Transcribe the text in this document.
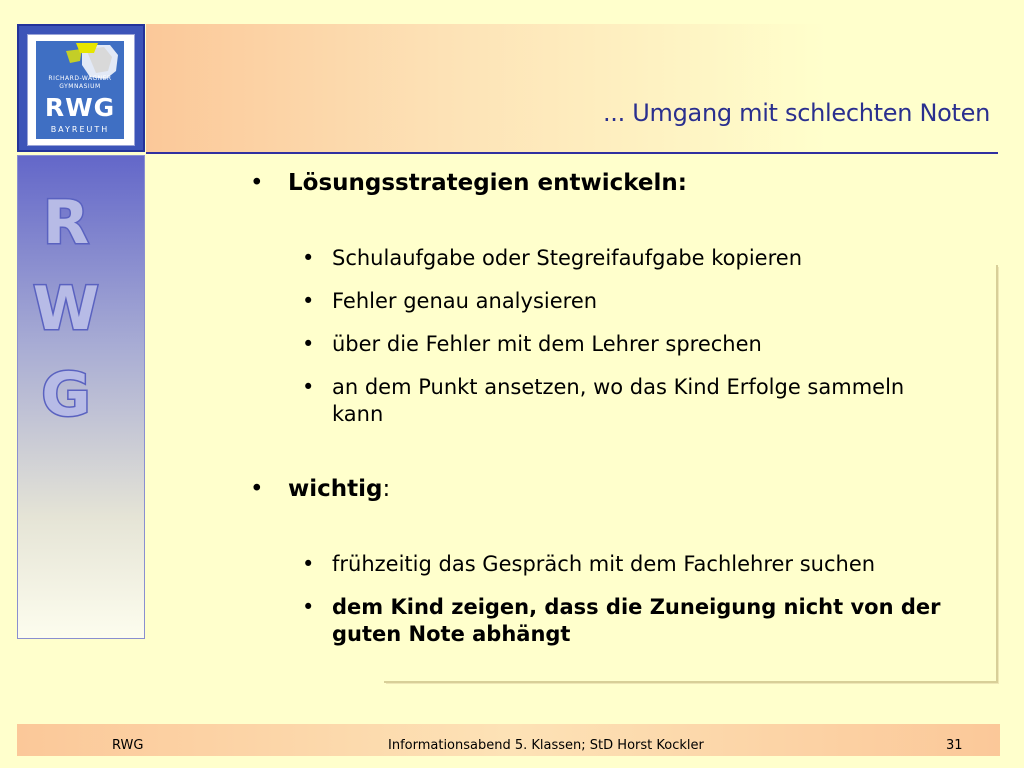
RICHARD-WAGNER
GYMNASIUM
RWG
BAYREUTH
R
W
G
... Umgang mit schlechten Noten
• Lösungsstrategien entwickeln:
• Schulaufgabe oder Stegreifaufgabe kopieren
• Fehler genau analysieren
• über die Fehler mit dem Lehrer sprechen
• an dem Punkt ansetzen, wo das Kind Erfolge sammeln kann
• wichtig:
• frühzeitig das Gespräch mit dem Fachlehrer suchen
• dem Kind zeigen, dass die Zuneigung nicht von der guten Note abhängt
RWG	Informationsabend 5. Klassen; StD Horst Kockler	31
